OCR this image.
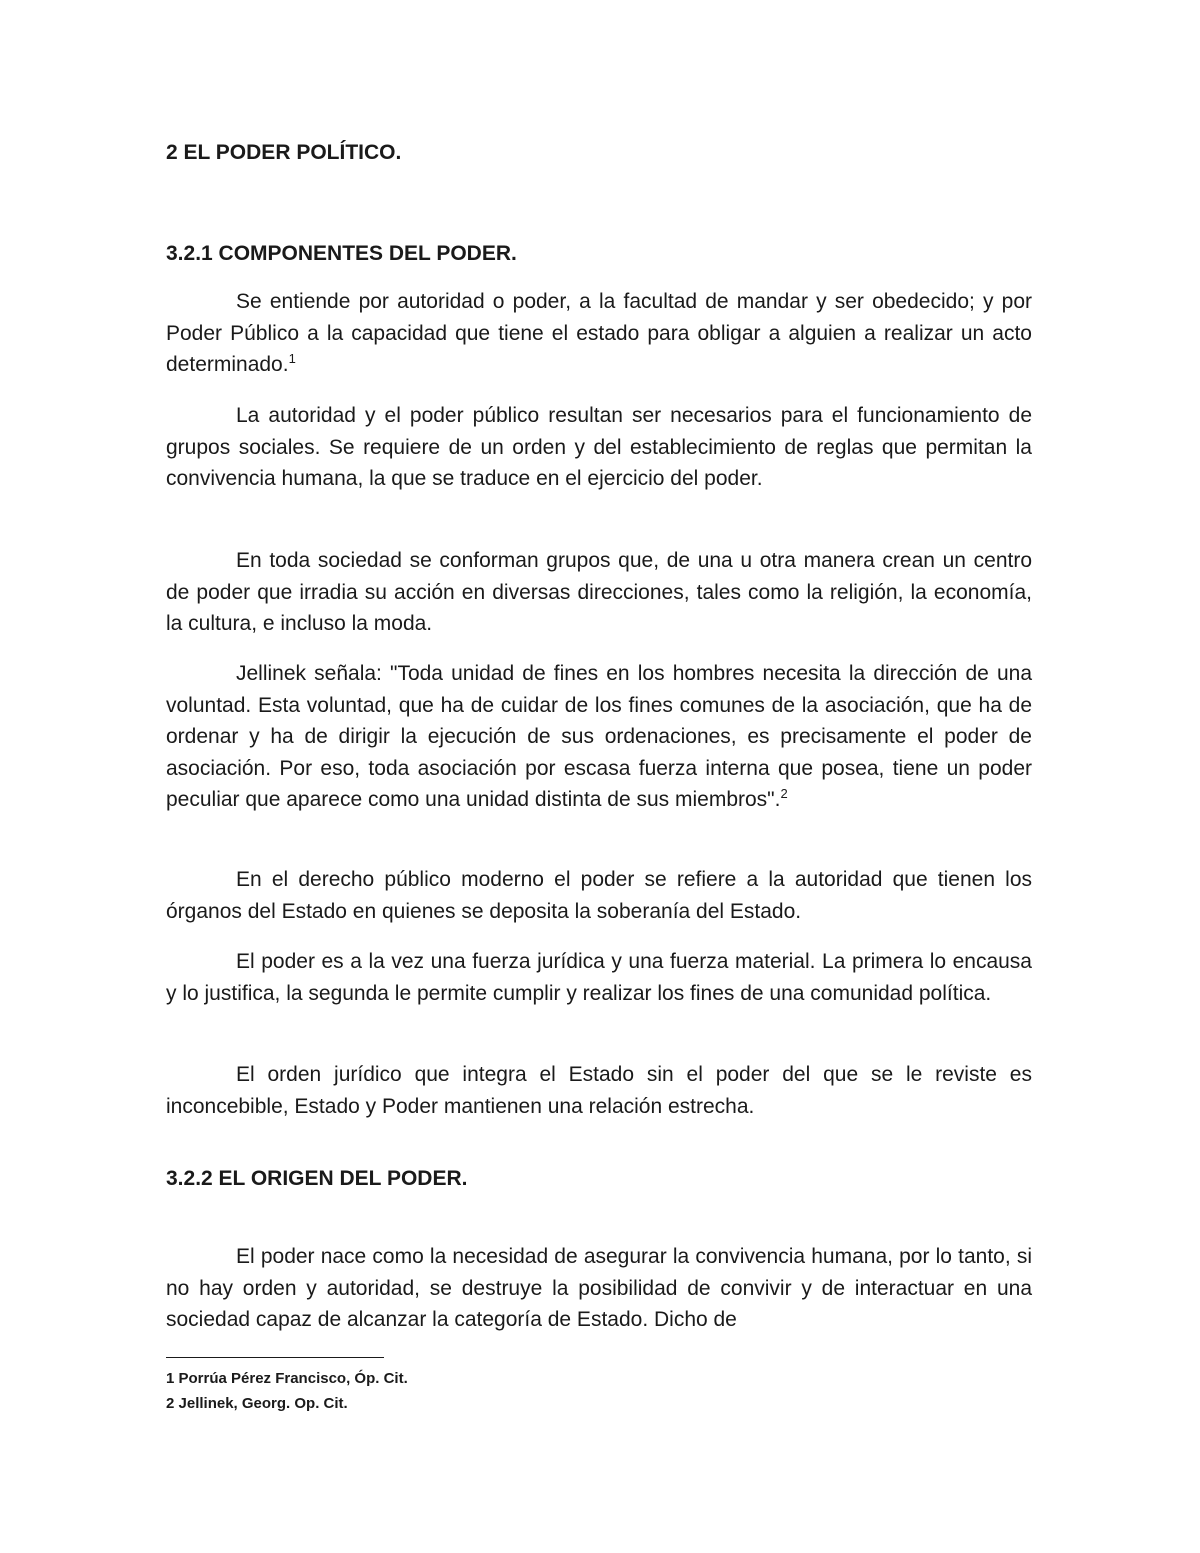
2 EL PODER POLÍTICO.
3.2.1 COMPONENTES DEL PODER.

Se entiende por autoridad o poder, a la facultad de mandar y ser obedecido; y por Poder Público a la capacidad que tiene el estado para obligar a alguien a realizar un acto determinado.$^1$

La autoridad y el poder público resultan ser necesarios para el funcionamiento de grupos sociales. Se requiere de un orden y del establecimiento de reglas que permitan la convivencia humana, la que se traduce en el ejercicio del poder.

En toda sociedad se conforman grupos que, de una u otra manera crean un centro de poder que irradia su acción en diversas direcciones, tales como la religión, la economía, la cultura, e incluso la moda.

Jellinek señala: "Toda unidad de fines en los hombres necesita la dirección de una voluntad. Esta voluntad, que ha de cuidar de los fines comunes de la asociación, que ha de ordenar y ha de dirigir la ejecución de sus ordenaciones, es precisamente el poder de asociación. Por eso, toda asociación por escasa fuerza interna que posea, tiene un poder peculiar que aparece como una unidad distinta de sus miembros".$^2$

En el derecho público moderno el poder se refiere a la autoridad que tienen los órganos del Estado en quienes se deposita la soberanía del Estado.

El poder es a la vez una fuerza jurídica y una fuerza material. La primera lo encausa y lo justifica, la segunda le permite cumplir y realizar los fines de una comunidad política.

El orden jurídico que integra el Estado sin el poder del que se le reviste es inconcebible, Estado y Poder mantienen una relación estrecha.

3.2.2 EL ORIGEN DEL PODER.

El poder nace como la necesidad de asegurar la convivencia humana, por lo tanto, si no hay orden y autoridad, se destruye la posibilidad de convivir y de interactuar en una sociedad capaz de alcanzar la categoría de Estado. Dicho de

1 Porrúa Pérez Francisco, Óp. Cit.

2 Jellinek, Georg. Op. Cit.
